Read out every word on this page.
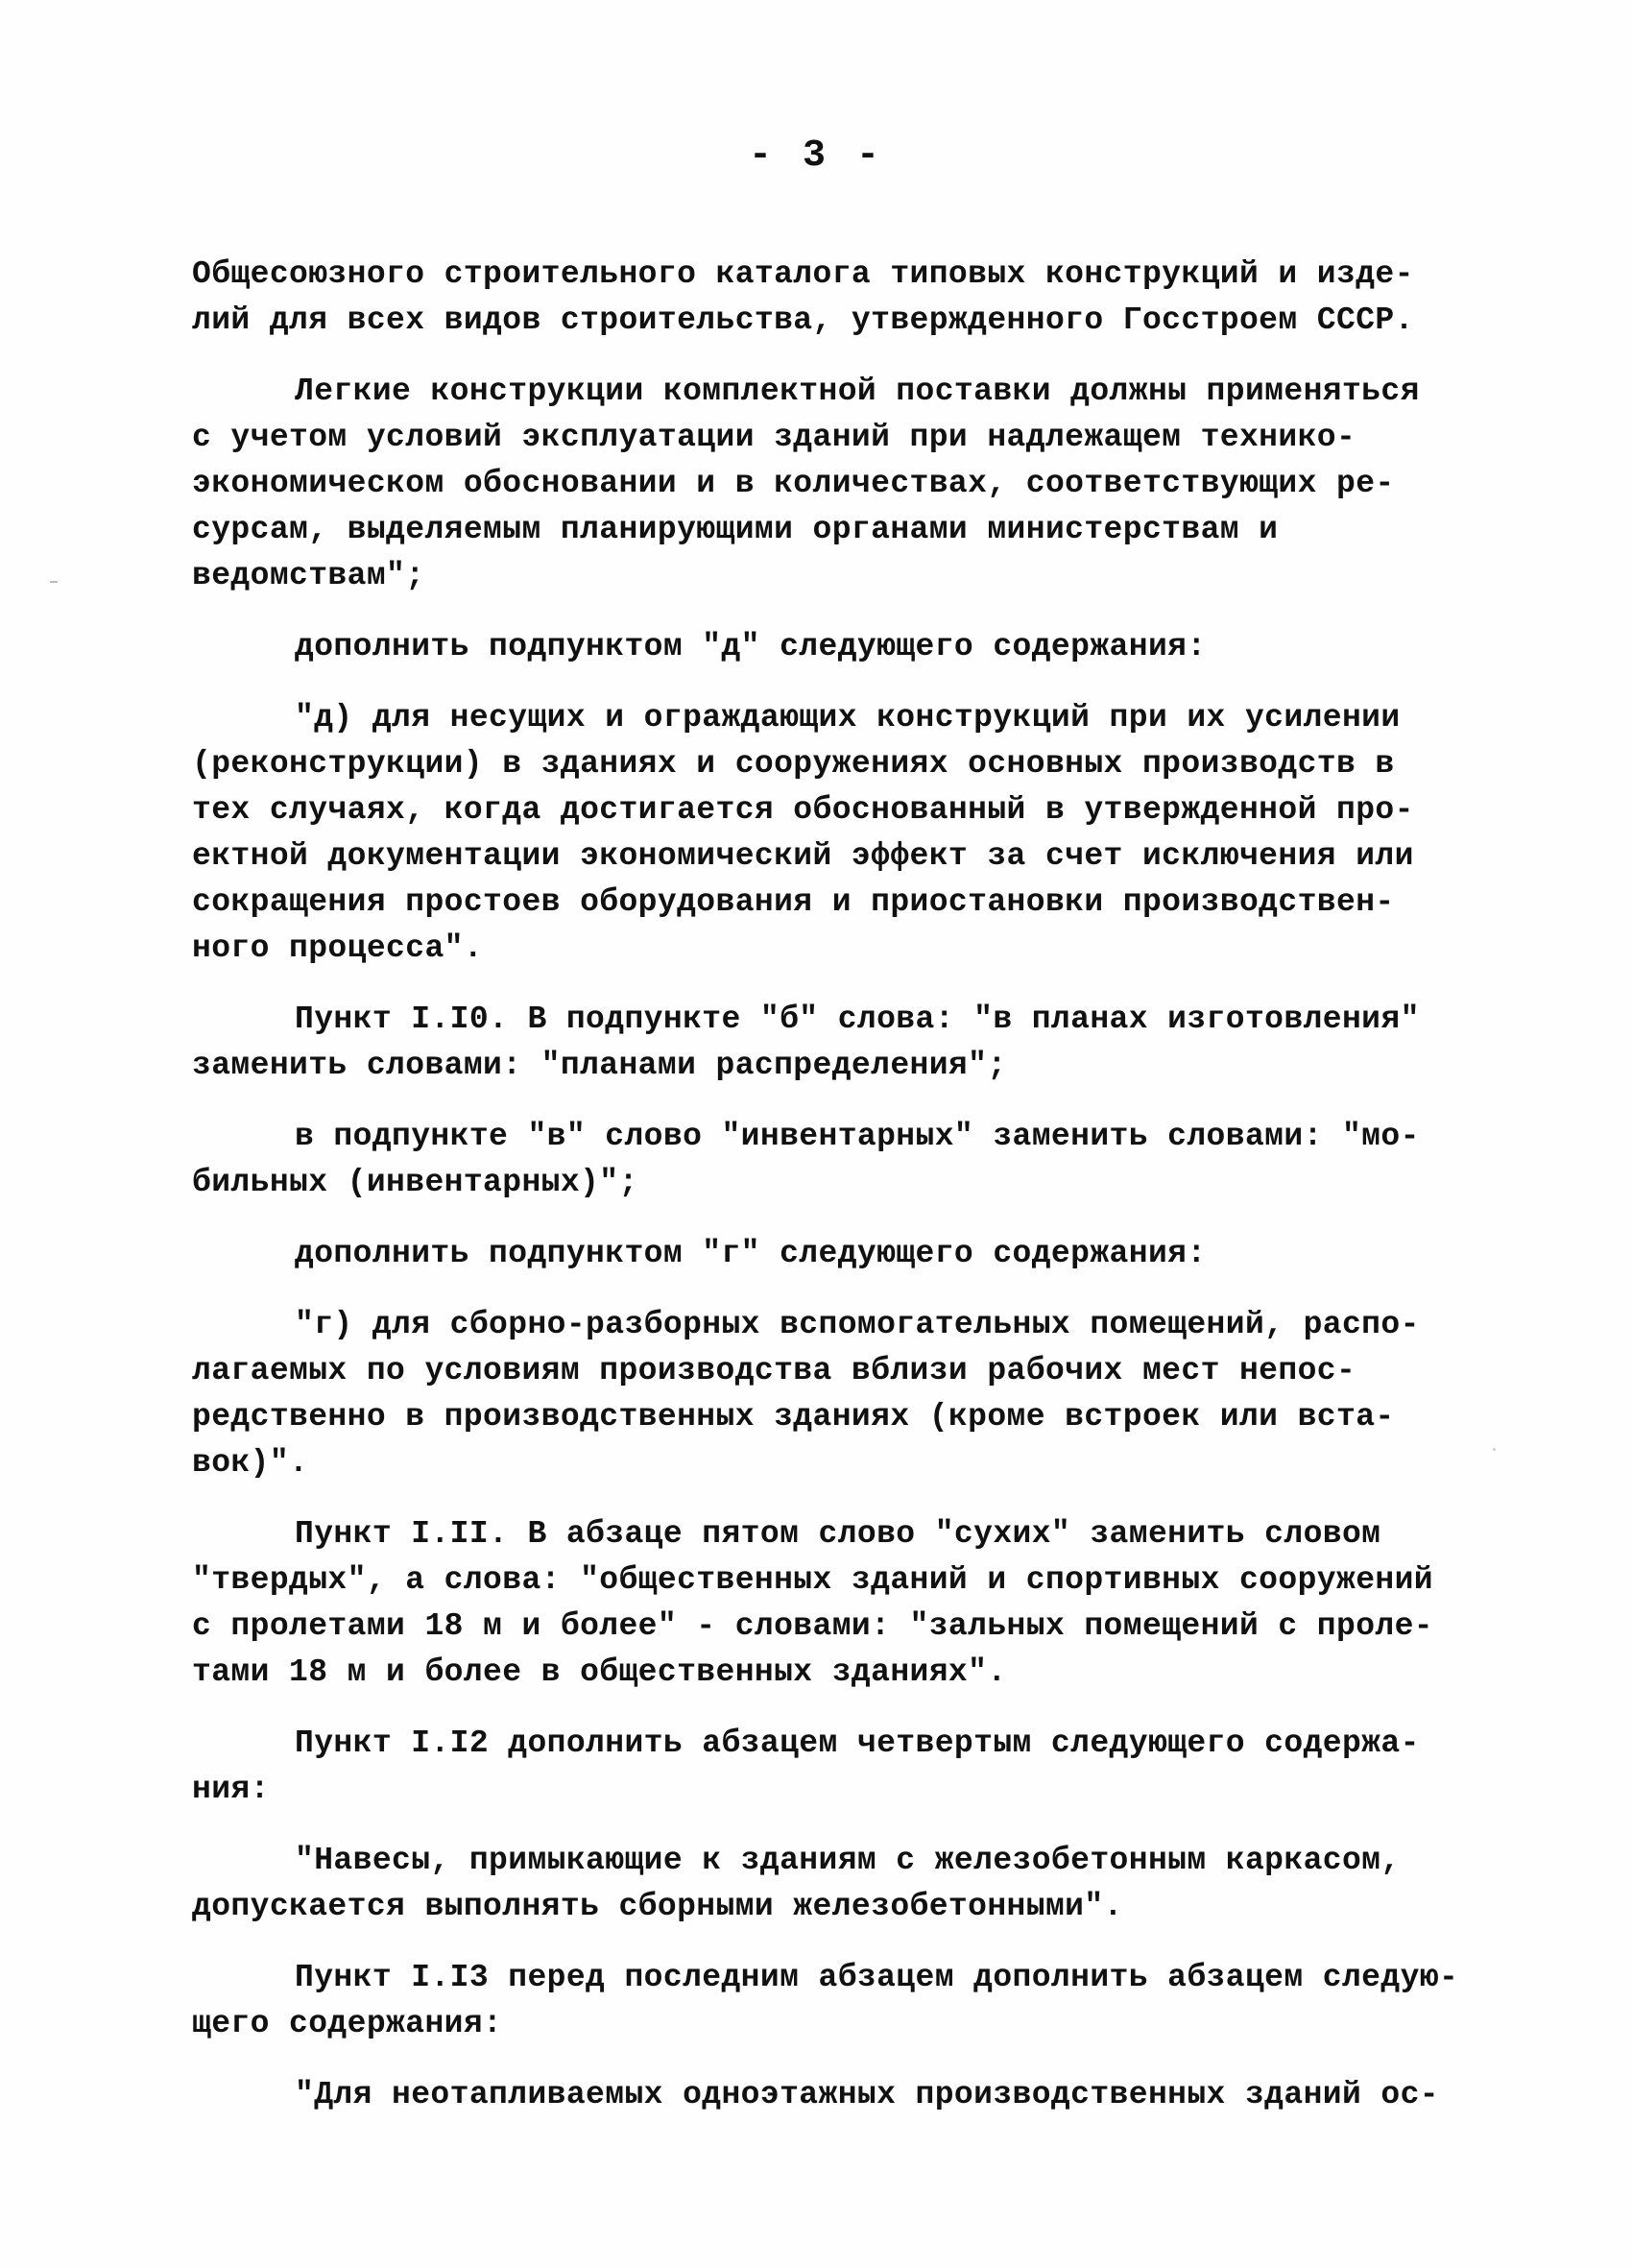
- 3 -
Общесоюзного строительного каталога типовых конструкций и изде-
лий для всех видов строительства, утвержденного Госстроем СССР.
Легкие конструкции комплектной поставки должны применяться
с учетом условий эксплуатации зданий при надлежащем технико-
экономическом обосновании и в количествах, соответствующих ре-
сурсам, выделяемым планирующими органами министерствам и
ведомствам";
дополнить подпунктом "д" следующего содержания:
"д) для несущих и ограждающих конструкций при их усилении
(реконструкции) в зданиях и сооружениях основных производств в
тех случаях, когда достигается обоснованный в утвержденной про-
ектной документации экономический эффект за счет исключения или
сокращения простоев оборудования и приостановки производствен-
ного процесса".
Пункт I.I0. В подпункте "б" слова: "в планах изготовления"
заменить словами: "планами распределения";
в подпункте "в" слово "инвентарных" заменить словами: "мо-
бильных (инвентарных)";
дополнить подпунктом "г" следующего содержания:
"г) для сборно-разборных вспомогательных помещений, распо-
лагаемых по условиям производства вблизи рабочих мест непос-
редственно в производственных зданиях (кроме встроек или вста-
вок)".
Пункт I.II. В абзаце пятом слово "сухих" заменить словом
"твердых", а слова: "общественных зданий и спортивных сооружений
с пролетами 18 м и более" - словами: "зальных помещений с проле-
тами 18 м и более в общественных зданиях".
Пункт I.I2 дополнить абзацем четвертым следующего содержа-
ния:
"Навесы, примыкающие к зданиям с железобетонным каркасом,
допускается выполнять сборными железобетонными".
Пункт I.I3 перед последним абзацем дополнить абзацем следую-
щего содержания:
"Для неотапливаемых одноэтажных производственных зданий ос-
